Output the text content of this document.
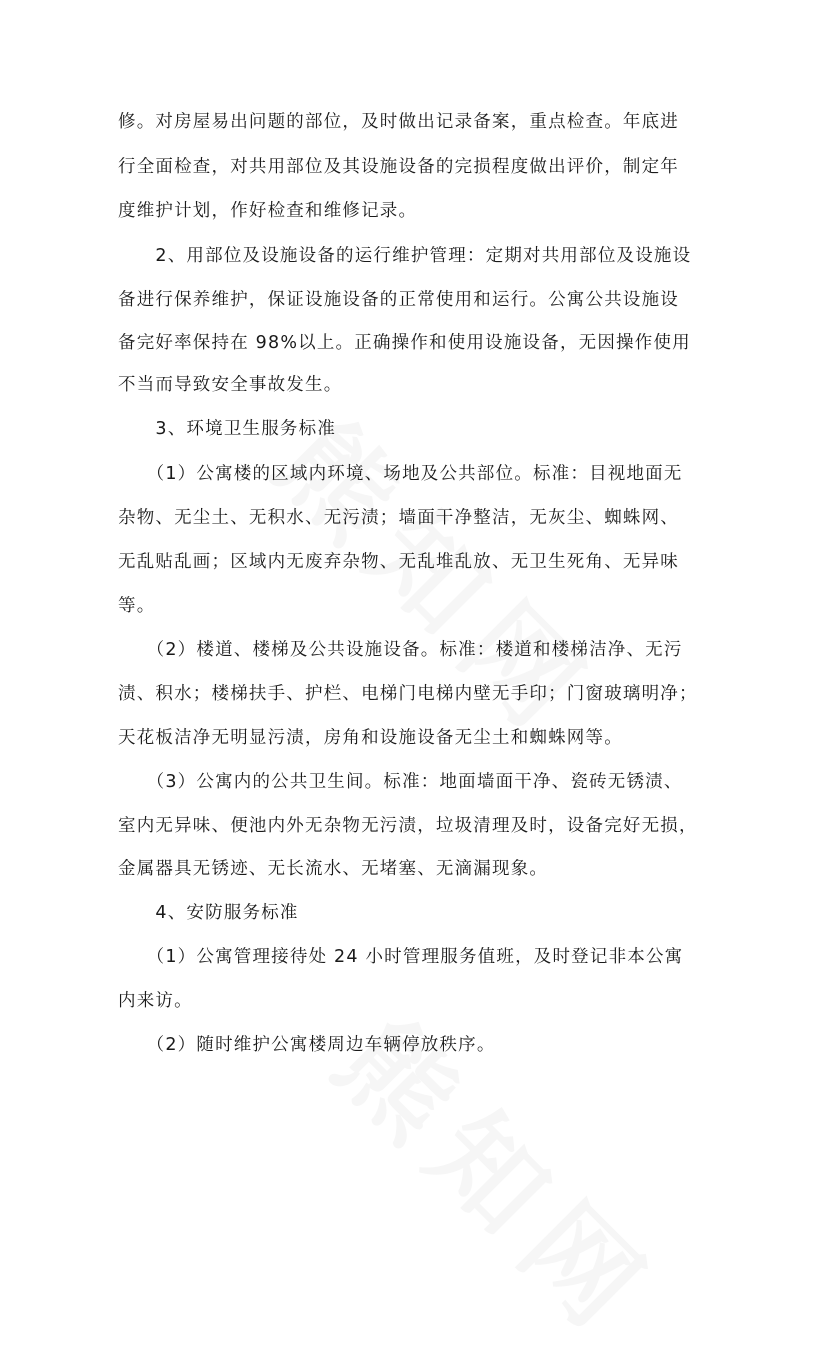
修。对房屋易出问题的部位，及时做出记录备案，重点检查。年底进
行全面检查，对共用部位及其设施设备的完损程度做出评价，制定年
度维护计划，作好检查和维修记录。
　　2、用部位及设施设备的运行维护管理：定期对共用部位及设施设
备进行保养维护，保证设施设备的正常使用和运行。公寓公共设施设
备完好率保持在 98%以上。正确操作和使用设施设备，无因操作使用
不当而导致安全事故发生。
　　3、环境卫生服务标准
　　（1）公寓楼的区域内环境、场地及公共部位。标准：目视地面无
杂物、无尘土、无积水、无污渍；墙面干净整洁，无灰尘、蜘蛛网、
无乱贴乱画；区域内无废弃杂物、无乱堆乱放、无卫生死角、无异味
等。
　　（2）楼道、楼梯及公共设施设备。标准：楼道和楼梯洁净、无污
渍、积水；楼梯扶手、护栏、电梯门电梯内壁无手印；门窗玻璃明净；
天花板洁净无明显污渍，房角和设施设备无尘土和蜘蛛网等。
　　（3）公寓内的公共卫生间。标准：地面墙面干净、瓷砖无锈渍、
室内无异味、便池内外无杂物无污渍，垃圾清理及时，设备完好无损，
金属器具无锈迹、无长流水、无堵塞、无滴漏现象。
　　4、安防服务标准
　　（1）公寓管理接待处 24 小时管理服务值班，及时登记非本公寓
内来访。
　　（2）随时维护公寓楼周边车辆停放秩序。
